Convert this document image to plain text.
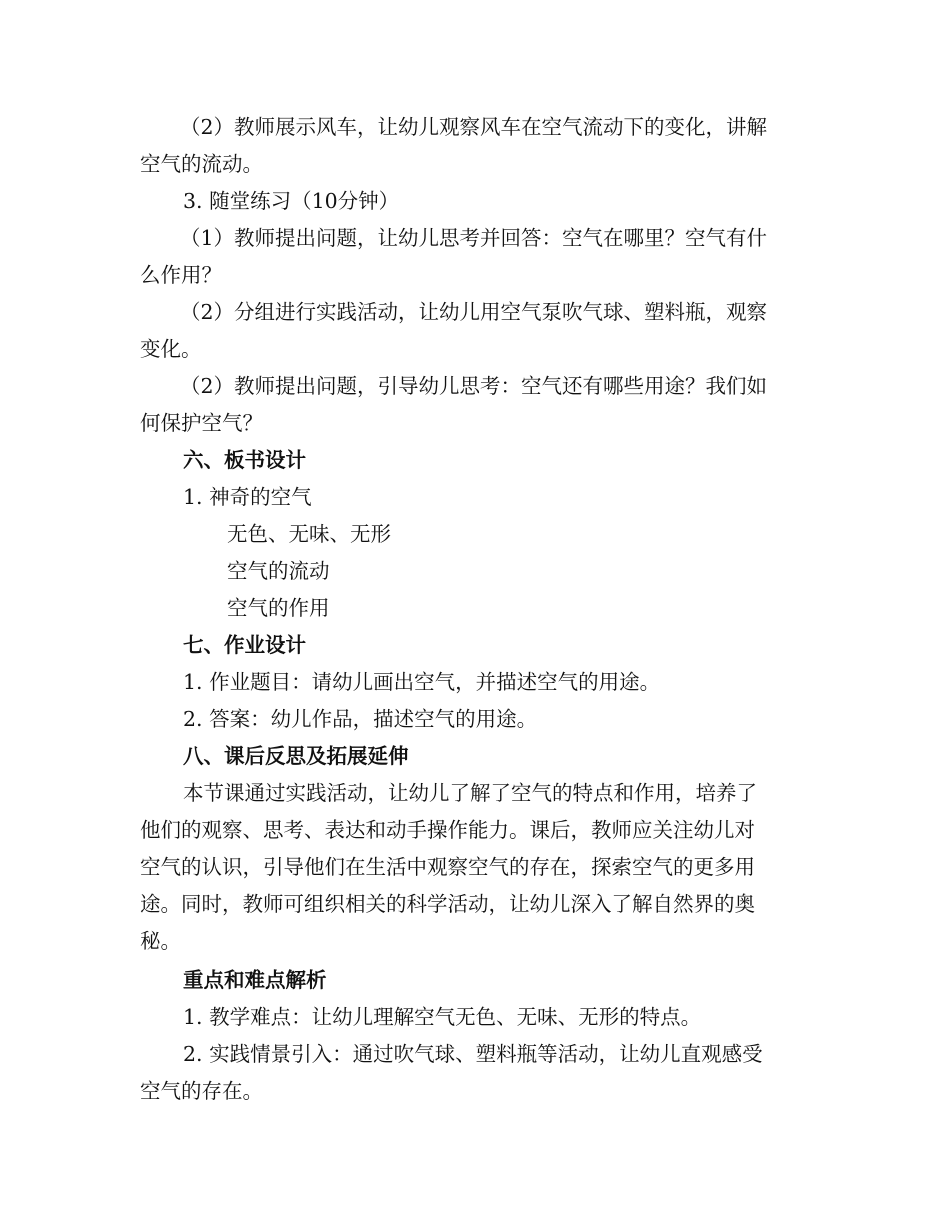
（2）教师展示风车，让幼儿观察风车在空气流动下的变化，讲解
空气的流动。
3. 随堂练习（10分钟）
（1）教师提出问题，让幼儿思考并回答：空气在哪里？空气有什
么作用？
（2）分组进行实践活动，让幼儿用空气泵吹气球、塑料瓶，观察
变化。
（2）教师提出问题，引导幼儿思考：空气还有哪些用途？我们如
何保护空气？
六、板书设计
1. 神奇的空气
无色、无味、无形
空气的流动
空气的作用
七、作业设计
1. 作业题目：请幼儿画出空气，并描述空气的用途。
2. 答案：幼儿作品，描述空气的用途。
八、课后反思及拓展延伸
本节课通过实践活动，让幼儿了解了空气的特点和作用，培养了
他们的观察、思考、表达和动手操作能力。课后，教师应关注幼儿对
空气的认识，引导他们在生活中观察空气的存在，探索空气的更多用
途。同时，教师可组织相关的科学活动，让幼儿深入了解自然界的奥
秘。
重点和难点解析
1. 教学难点：让幼儿理解空气无色、无味、无形的特点。
2. 实践情景引入：通过吹气球、塑料瓶等活动，让幼儿直观感受
空气的存在。
